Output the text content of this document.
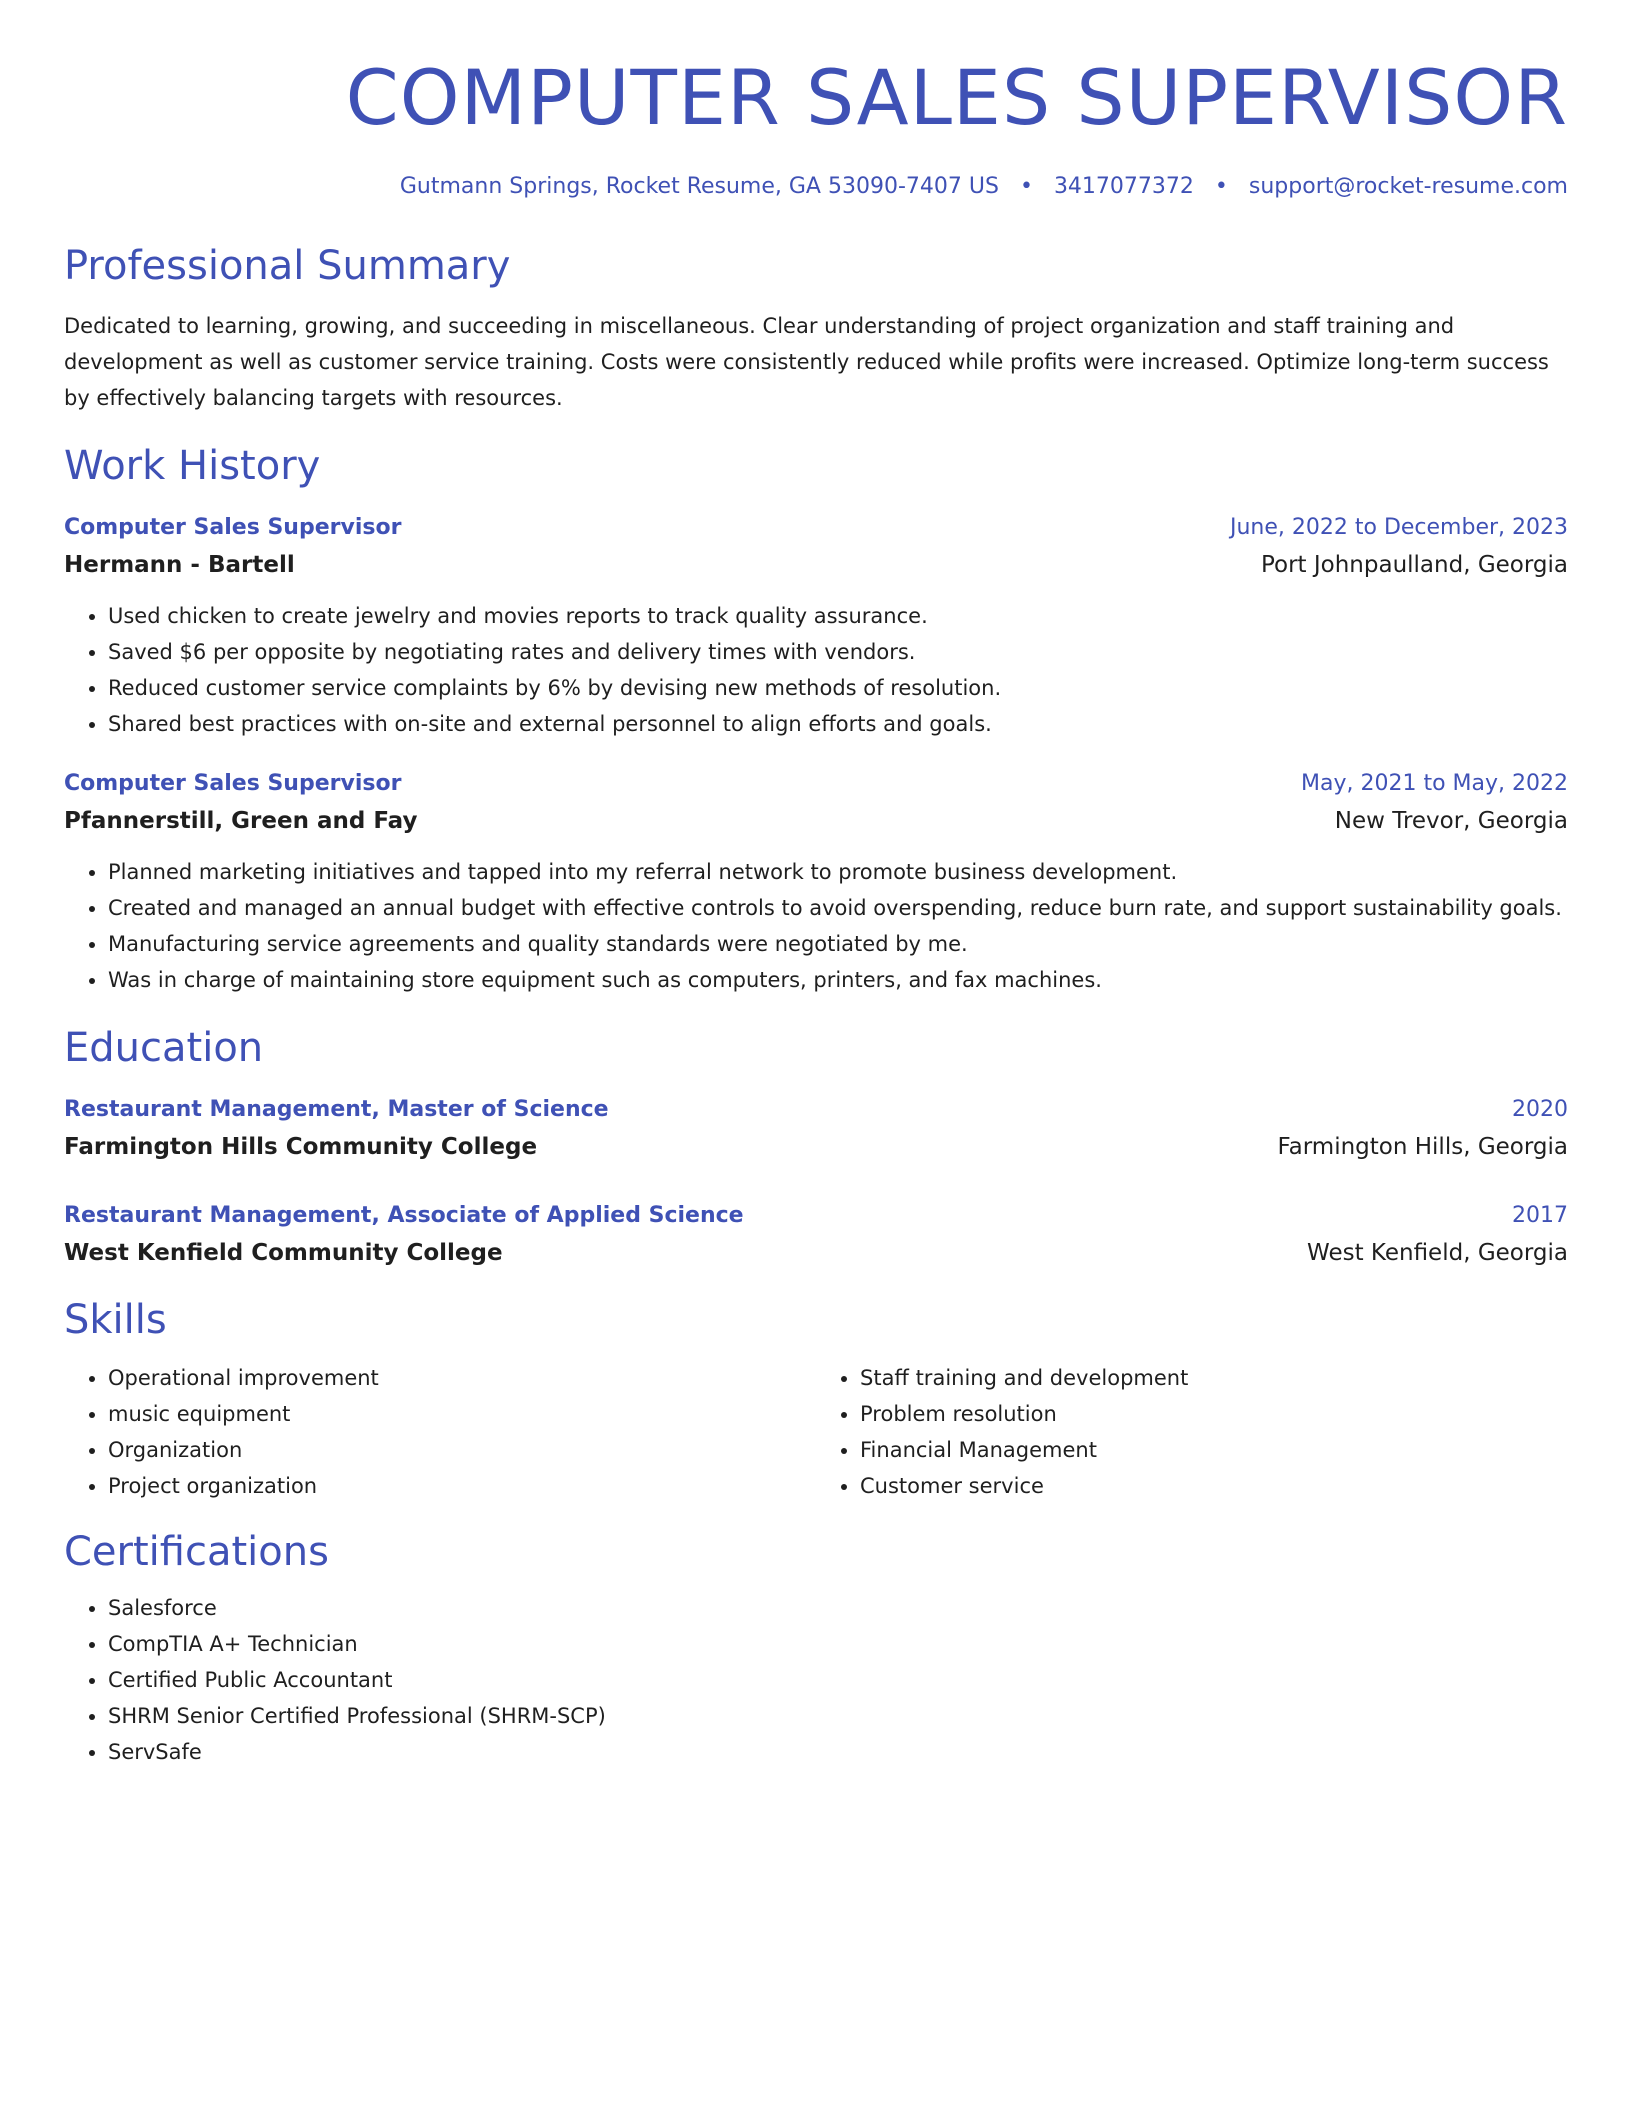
COMPUTER SALES SUPERVISOR
Gutmann Springs, Rocket Resume, GA 53090-7407 US • 3417077372 • support@rocket-resume.com
Professional Summary
Dedicated to learning, growing, and succeeding in miscellaneous. Clear understanding of project organization and staff training and development as well as customer service training. Costs were consistently reduced while profits were increased. Optimize long-term success by effectively balancing targets with resources.
Work History
Computer Sales Supervisor	June, 2022 to December, 2023
Hermann - Bartell	Port Johnpaulland, Georgia
• Used chicken to create jewelry and movies reports to track quality assurance.
• Saved $6 per opposite by negotiating rates and delivery times with vendors.
• Reduced customer service complaints by 6% by devising new methods of resolution.
• Shared best practices with on-site and external personnel to align efforts and goals.
Computer Sales Supervisor	May, 2021 to May, 2022
Pfannerstill, Green and Fay	New Trevor, Georgia
• Planned marketing initiatives and tapped into my referral network to promote business development.
• Created and managed an annual budget with effective controls to avoid overspending, reduce burn rate, and support sustainability goals.
• Manufacturing service agreements and quality standards were negotiated by me.
• Was in charge of maintaining store equipment such as computers, printers, and fax machines.
Education
Restaurant Management, Master of Science	2020
Farmington Hills Community College	Farmington Hills, Georgia
Restaurant Management, Associate of Applied Science	2017
West Kenfield Community College	West Kenfield, Georgia
Skills
• Operational improvement
• music equipment
• Organization
• Project organization
• Staff training and development
• Problem resolution
• Financial Management
• Customer service
Certifications
• Salesforce
• CompTIA A+ Technician
• Certified Public Accountant
• SHRM Senior Certified Professional (SHRM-SCP)
• ServSafe
